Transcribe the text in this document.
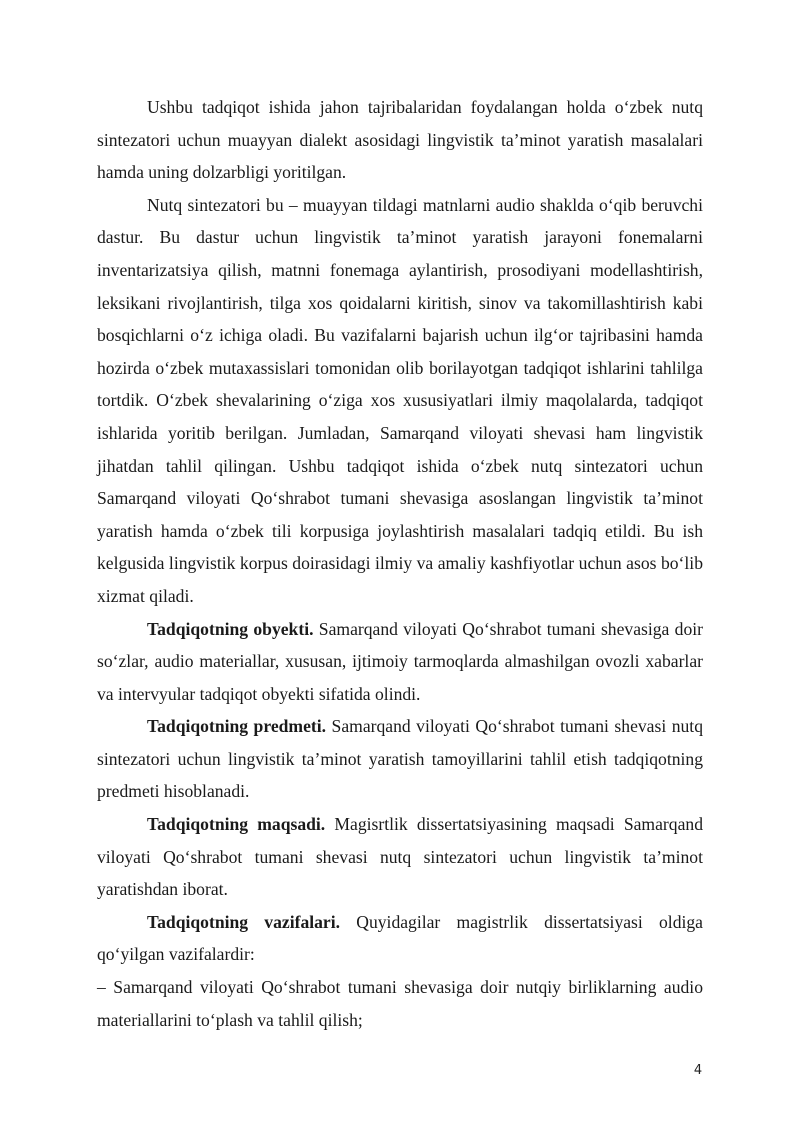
Ushbu tadqiqot ishida jahon tajribalaridan foydalangan holda o‘zbek nutq sintezatori uchun muayyan dialekt asosidagi lingvistik ta’minot yaratish masalalari hamda uning dolzarbligi yoritilgan.

Nutq sintezatori bu – muayyan tildagi matnlarni audio shaklda o‘qib beruvchi dastur. Bu dastur uchun lingvistik ta’minot yaratish jarayoni fonemalarni inventarizatsiya qilish, matnni fonemaga aylantirish, prosodiyani modellashtirish, leksikani rivojlantirish, tilga xos qoidalarni kiritish, sinov va takomillashtirish kabi bosqichlarni o‘z ichiga oladi. Bu vazifalarni bajarish uchun ilg‘or tajribasini hamda hozirda o‘zbek mutaxassislari tomonidan olib borilayotgan tadqiqot ishlarini tahlilga tortdik. O‘zbek shevalarining o‘ziga xos xususiyatlari ilmiy maqolalarda, tadqiqot ishlarida yoritib berilgan. Jumladan, Samarqand viloyati shevasi ham lingvistik jihatdan tahlil qilingan. Ushbu tadqiqot ishida o‘zbek nutq sintezatori uchun Samarqand viloyati Qo‘shrabot tumani shevasiga asoslangan lingvistik ta’minot yaratish hamda o‘zbek tili korpusiga joylashtirish masalalari tadqiq etildi. Bu ish kelgusida lingvistik korpus doirasidagi ilmiy va amaliy kashfiyotlar uchun asos bo‘lib xizmat qiladi.

Tadqiqotning obyekti. Samarqand viloyati Qo‘shrabot tumani shevasiga doir so‘zlar, audio materiallar, xususan, ijtimoiy tarmoqlarda almashilgan ovozli xabarlar va intervyular tadqiqot obyekti sifatida olindi.

Tadqiqotning predmeti. Samarqand viloyati Qo‘shrabot tumani shevasi nutq sintezatori uchun lingvistik ta’minot yaratish tamoyillarini tahlil etish tadqiqotning predmeti hisoblanadi.

Tadqiqotning maqsadi. Magisrtlik dissertatsiyasining maqsadi Samarqand viloyati Qo‘shrabot tumani shevasi nutq sintezatori uchun lingvistik ta’minot yaratishdan iborat.

Tadqiqotning vazifalari. Quyidagilar magistrlik dissertatsiyasi oldiga qo‘yilgan vazifalardir:

– Samarqand viloyati Qo‘shrabot tumani shevasiga doir nutqiy birliklarning audio materiallarini to‘plash va tahlil qilish;

4
